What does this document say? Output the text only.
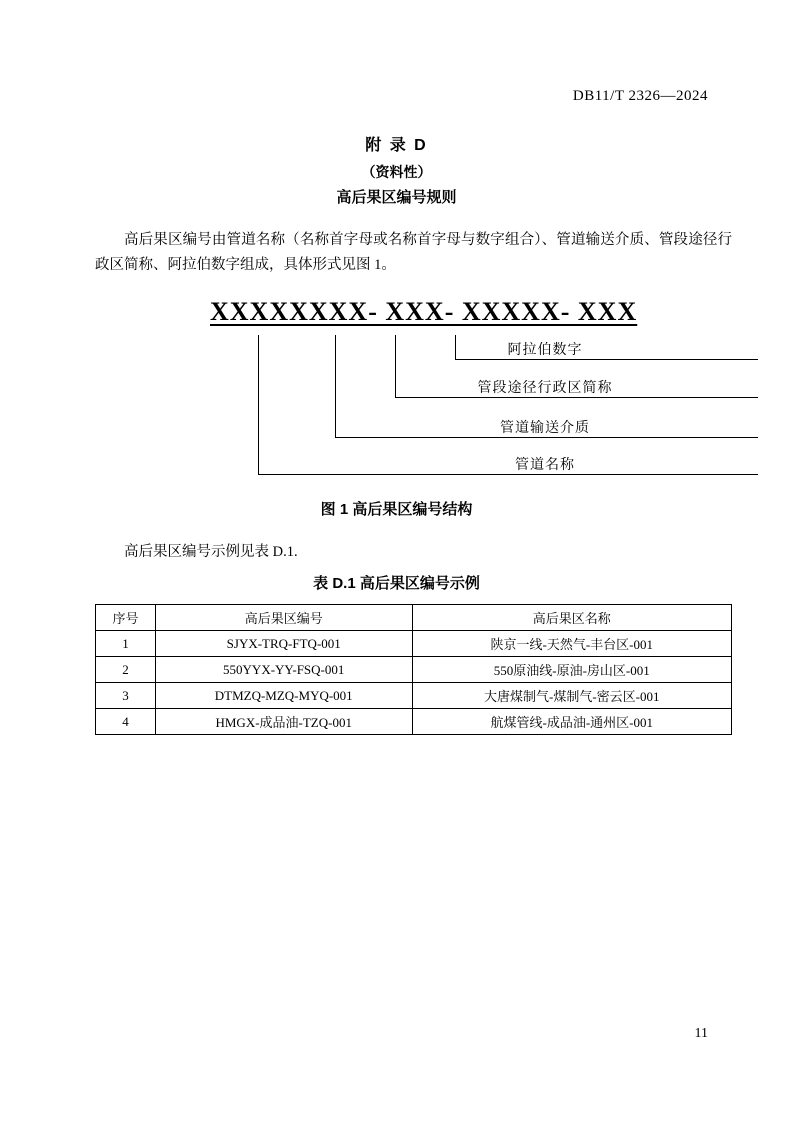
DB11/T 2326—2024
附 录 D
（资料性）
高后果区编号规则
高后果区编号由管道名称（名称首字母或名称首字母与数字组合）、管道输送介质、管段途径行政区简称、阿拉伯数字组成，具体形式见图 1。
XXXXXXXX- XXX- XXXXX- XXX
阿拉伯数字
管段途径行政区简称
管道输送介质
管道名称
图 1 高后果区编号结构
高后果区编号示例见表 D.1.
表 D.1 高后果区编号示例
序号	高后果区编号	高后果区名称
1	SJYX-TRQ-FTQ-001	陕京一线-天然气-丰台区-001
2	550YYX-YY-FSQ-001	550原油线-原油-房山区-001
3	DTMZQ-MZQ-MYQ-001	大唐煤制气-煤制气-密云区-001
4	HMGX-成品油-TZQ-001	航煤管线-成品油-通州区-001
11
